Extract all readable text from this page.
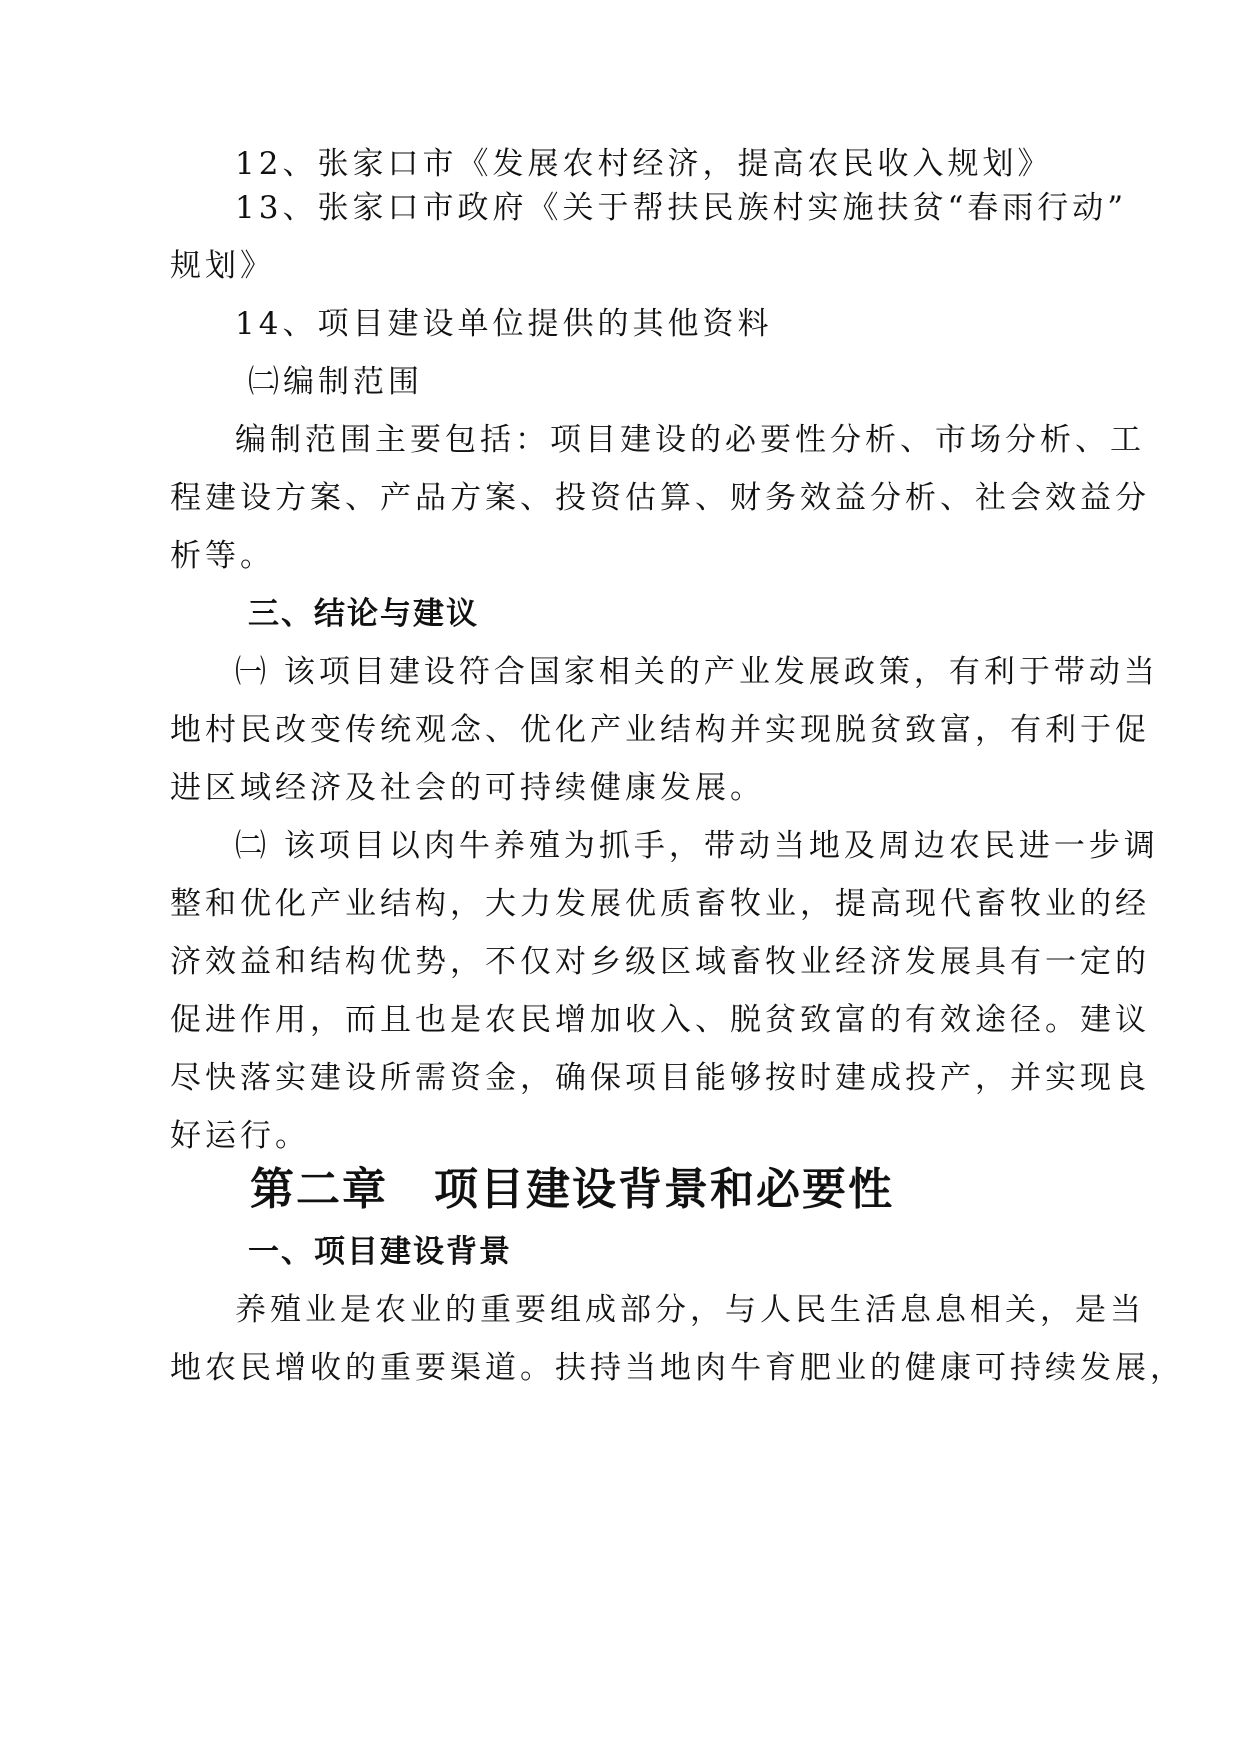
12、张家口市《发展农村经济，提高农民收入规划》

13、张家口市政府《关于帮扶民族村实施扶贫“春雨行动”

规划》

14、项目建设单位提供的其他资料

㈡编制范围

编制范围主要包括：项目建设的必要性分析、市场分析、工

程建设方案、产品方案、投资估算、财务效益分析、社会效益分

析等。

三、结论与建议

㈠ 该项目建设符合国家相关的产业发展政策，有利于带动当

地村民改变传统观念、优化产业结构并实现脱贫致富，有利于促

进区域经济及社会的可持续健康发展。

㈡ 该项目以肉牛养殖为抓手，带动当地及周边农民进一步调

整和优化产业结构，大力发展优质畜牧业，提高现代畜牧业的经

济效益和结构优势，不仅对乡级区域畜牧业经济发展具有一定的

促进作用，而且也是农民增加收入、脱贫致富的有效途径。建议

尽快落实建设所需资金，确保项目能够按时建成投产，并实现良

好运行。

第二章　项目建设背景和必要性

一、项目建设背景

养殖业是农业的重要组成部分，与人民生活息息相关，是当

地农民增收的重要渠道。扶持当地肉牛育肥业的健康可持续发展，
